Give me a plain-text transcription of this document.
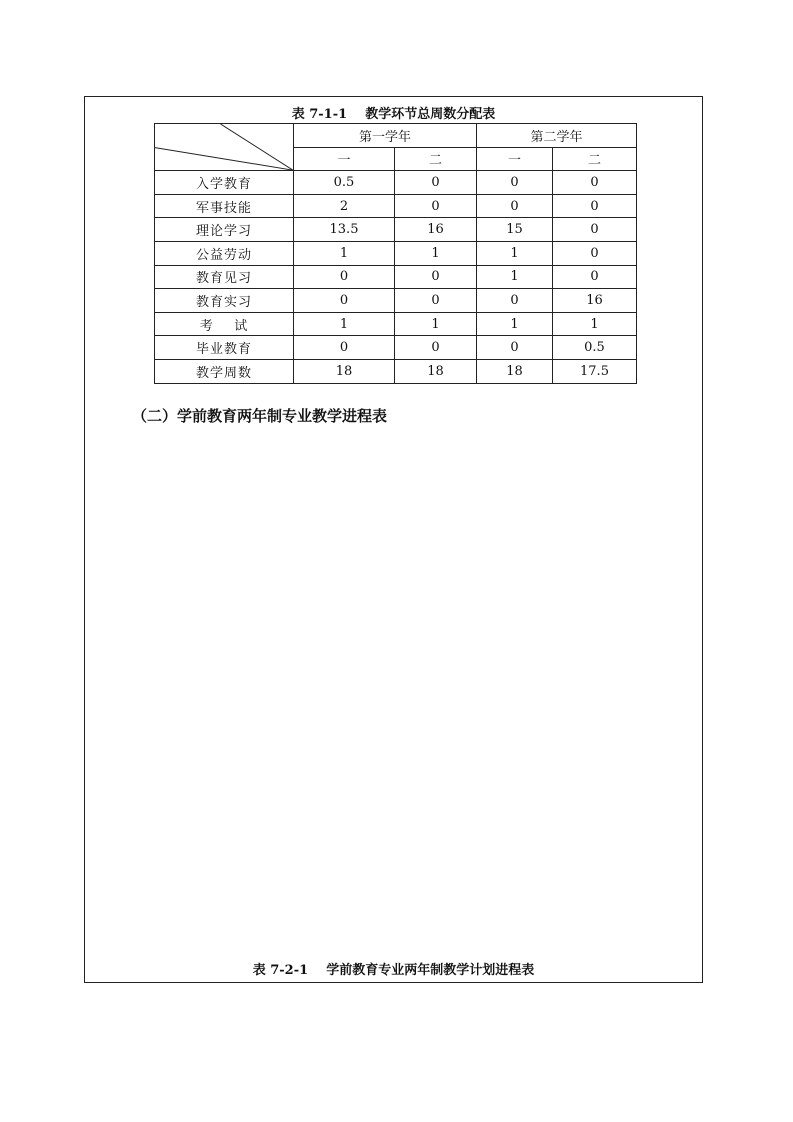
表 7-1-1    教学环节总周数分配表
	第一学年		第二学年	
	一	二	一	二
入学教育	0.5	0	0	0
军事技能	2	0	0	0
理论学习	13.5	16	15	0
公益劳动	1	1	1	0
教育见习	0	0	1	0
教育实习	0	0	0	16
考    试	1	1	1	1
毕业教育	0	0	0	0.5
教学周数	18	18	18	17.5
（二）学前教育两年制专业教学进程表
表 7-2-1    学前教育专业两年制教学计划进程表
